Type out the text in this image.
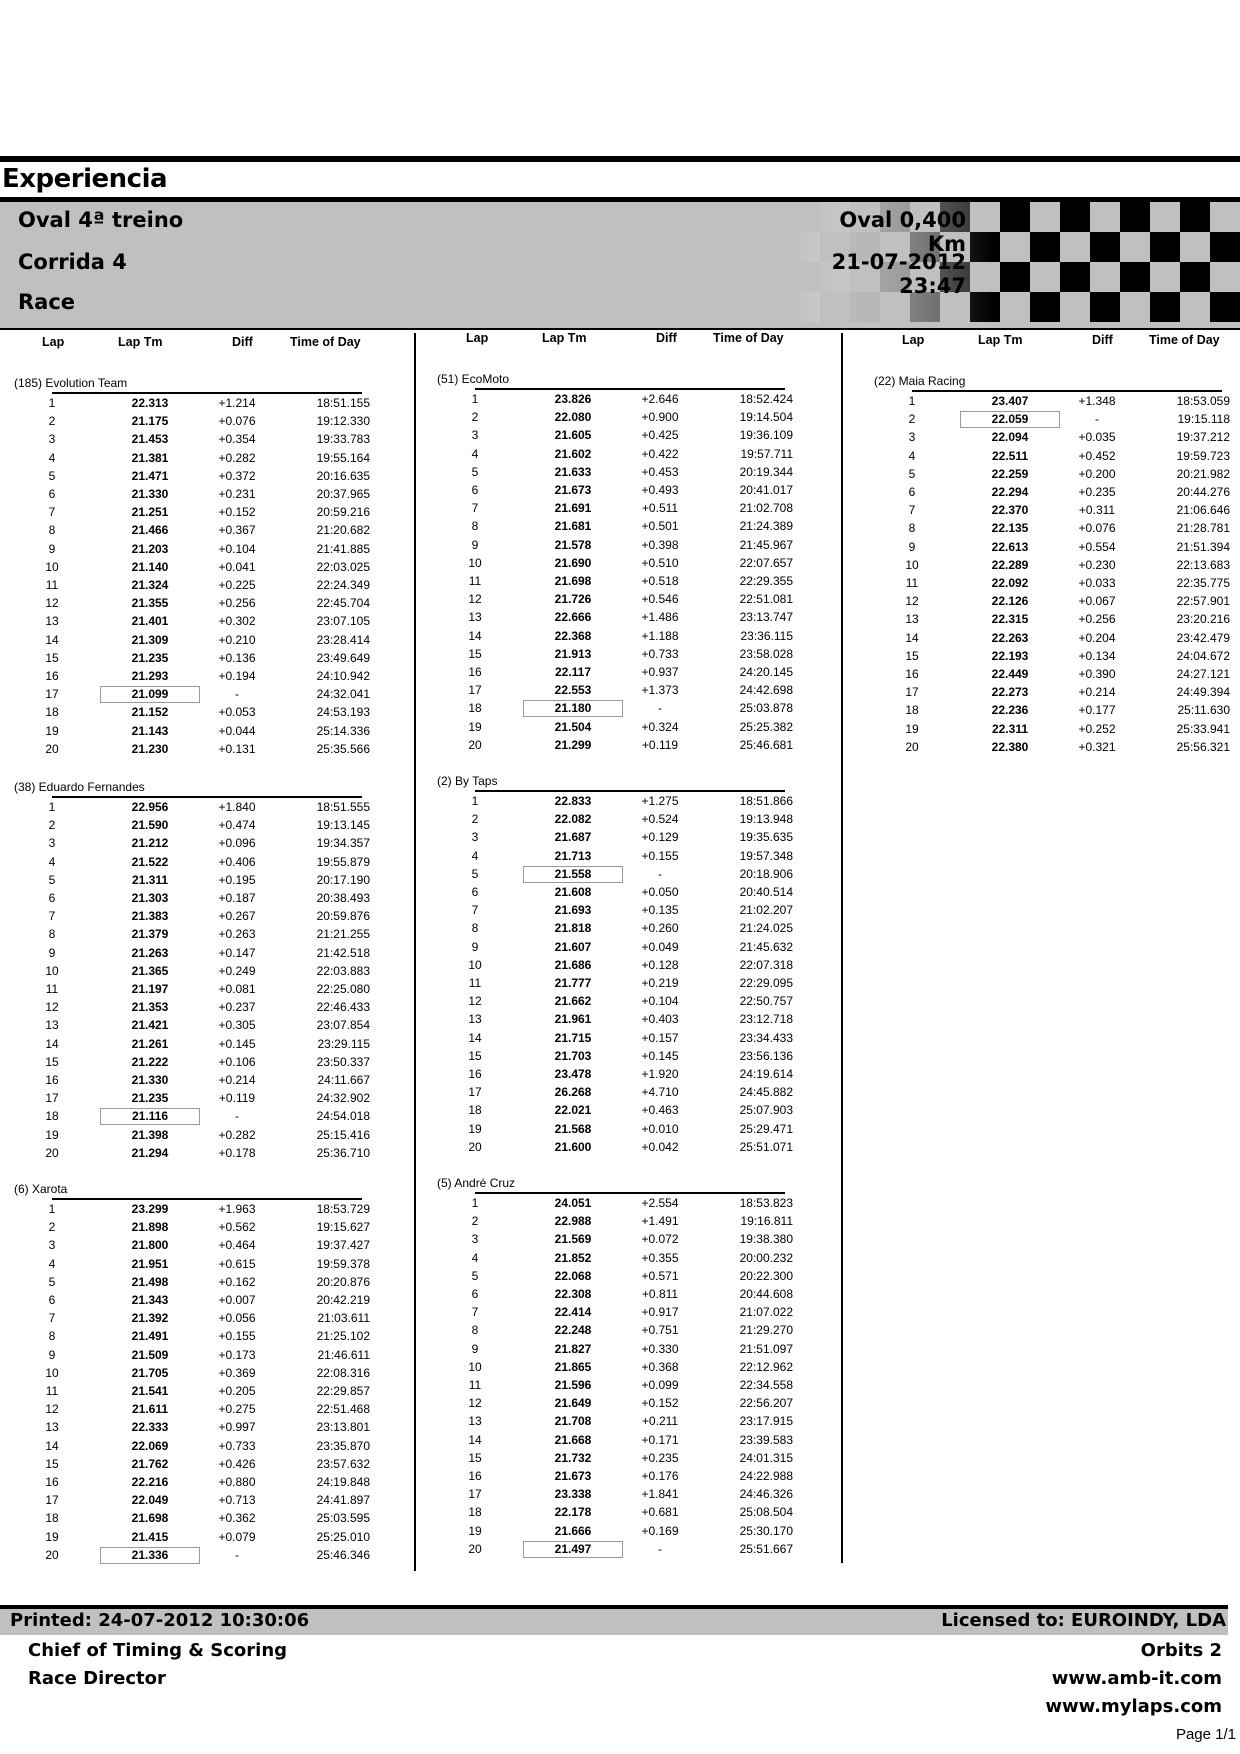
Experiencia
Oval 4ª treino
Corrida 4
Race
Oval 0,400 Km
21-07-2012 23:47
Lap	Lap Tm	Diff	Time of Day	Lap	Lap Tm	Diff	Time of Day	Lap	Lap Tm	Diff	Time of Day
(185) Evolution Team
1	22.313	+1.214	18:51.155
2	21.175	+0.076	19:12.330
3	21.453	+0.354	19:33.783
4	21.381	+0.282	19:55.164
5	21.471	+0.372	20:16.635
6	21.330	+0.231	20:37.965
7	21.251	+0.152	20:59.216
8	21.466	+0.367	21:20.682
9	21.203	+0.104	21:41.885
10	21.140	+0.041	22:03.025
11	21.324	+0.225	22:24.349
12	21.355	+0.256	22:45.704
13	21.401	+0.302	23:07.105
14	21.309	+0.210	23:28.414
15	21.235	+0.136	23:49.649
16	21.293	+0.194	24:10.942
17	21.099	-	24:32.041
18	21.152	+0.053	24:53.193
19	21.143	+0.044	25:14.336
20	21.230	+0.131	25:35.566
(38) Eduardo Fernandes
1	22.956	+1.840	18:51.555
2	21.590	+0.474	19:13.145
3	21.212	+0.096	19:34.357
4	21.522	+0.406	19:55.879
5	21.311	+0.195	20:17.190
6	21.303	+0.187	20:38.493
7	21.383	+0.267	20:59.876
8	21.379	+0.263	21:21.255
9	21.263	+0.147	21:42.518
10	21.365	+0.249	22:03.883
11	21.197	+0.081	22:25.080
12	21.353	+0.237	22:46.433
13	21.421	+0.305	23:07.854
14	21.261	+0.145	23:29.115
15	21.222	+0.106	23:50.337
16	21.330	+0.214	24:11.667
17	21.235	+0.119	24:32.902
18	21.116	-	24:54.018
19	21.398	+0.282	25:15.416
20	21.294	+0.178	25:36.710
(6) Xarota
1	23.299	+1.963	18:53.729
2	21.898	+0.562	19:15.627
3	21.800	+0.464	19:37.427
4	21.951	+0.615	19:59.378
5	21.498	+0.162	20:20.876
6	21.343	+0.007	20:42.219
7	21.392	+0.056	21:03.611
8	21.491	+0.155	21:25.102
9	21.509	+0.173	21:46.611
10	21.705	+0.369	22:08.316
11	21.541	+0.205	22:29.857
12	21.611	+0.275	22:51.468
13	22.333	+0.997	23:13.801
14	22.069	+0.733	23:35.870
15	21.762	+0.426	23:57.632
16	22.216	+0.880	24:19.848
17	22.049	+0.713	24:41.897
18	21.698	+0.362	25:03.595
19	21.415	+0.079	25:25.010
20	21.336	-	25:46.346
(51) EcoMoto
1	23.826	+2.646	18:52.424
2	22.080	+0.900	19:14.504
3	21.605	+0.425	19:36.109
4	21.602	+0.422	19:57.711
5	21.633	+0.453	20:19.344
6	21.673	+0.493	20:41.017
7	21.691	+0.511	21:02.708
8	21.681	+0.501	21:24.389
9	21.578	+0.398	21:45.967
10	21.690	+0.510	22:07.657
11	21.698	+0.518	22:29.355
12	21.726	+0.546	22:51.081
13	22.666	+1.486	23:13.747
14	22.368	+1.188	23:36.115
15	21.913	+0.733	23:58.028
16	22.117	+0.937	24:20.145
17	22.553	+1.373	24:42.698
18	21.180	-	25:03.878
19	21.504	+0.324	25:25.382
20	21.299	+0.119	25:46.681
(2) By Taps
1	22.833	+1.275	18:51.866
2	22.082	+0.524	19:13.948
3	21.687	+0.129	19:35.635
4	21.713	+0.155	19:57.348
5	21.558	-	20:18.906
6	21.608	+0.050	20:40.514
7	21.693	+0.135	21:02.207
8	21.818	+0.260	21:24.025
9	21.607	+0.049	21:45.632
10	21.686	+0.128	22:07.318
11	21.777	+0.219	22:29.095
12	21.662	+0.104	22:50.757
13	21.961	+0.403	23:12.718
14	21.715	+0.157	23:34.433
15	21.703	+0.145	23:56.136
16	23.478	+1.920	24:19.614
17	26.268	+4.710	24:45.882
18	22.021	+0.463	25:07.903
19	21.568	+0.010	25:29.471
20	21.600	+0.042	25:51.071
(5) André Cruz
1	24.051	+2.554	18:53.823
2	22.988	+1.491	19:16.811
3	21.569	+0.072	19:38.380
4	21.852	+0.355	20:00.232
5	22.068	+0.571	20:22.300
6	22.308	+0.811	20:44.608
7	22.414	+0.917	21:07.022
8	22.248	+0.751	21:29.270
9	21.827	+0.330	21:51.097
10	21.865	+0.368	22:12.962
11	21.596	+0.099	22:34.558
12	21.649	+0.152	22:56.207
13	21.708	+0.211	23:17.915
14	21.668	+0.171	23:39.583
15	21.732	+0.235	24:01.315
16	21.673	+0.176	24:22.988
17	23.338	+1.841	24:46.326
18	22.178	+0.681	25:08.504
19	21.666	+0.169	25:30.170
20	21.497	-	25:51.667
(22) Maia Racing
1	23.407	+1.348	18:53.059
2	22.059	-	19:15.118
3	22.094	+0.035	19:37.212
4	22.511	+0.452	19:59.723
5	22.259	+0.200	20:21.982
6	22.294	+0.235	20:44.276
7	22.370	+0.311	21:06.646
8	22.135	+0.076	21:28.781
9	22.613	+0.554	21:51.394
10	22.289	+0.230	22:13.683
11	22.092	+0.033	22:35.775
12	22.126	+0.067	22:57.901
13	22.315	+0.256	23:20.216
14	22.263	+0.204	23:42.479
15	22.193	+0.134	24:04.672
16	22.449	+0.390	24:27.121
17	22.273	+0.214	24:49.394
18	22.236	+0.177	25:11.630
19	22.311	+0.252	25:33.941
20	22.380	+0.321	25:56.321
Printed: 24-07-2012 10:30:06	Licensed to: EUROINDY, LDA
Chief of Timing & Scoring
Race Director
Orbits 2
www.amb-it.com
www.mylaps.com
Page 1/1
